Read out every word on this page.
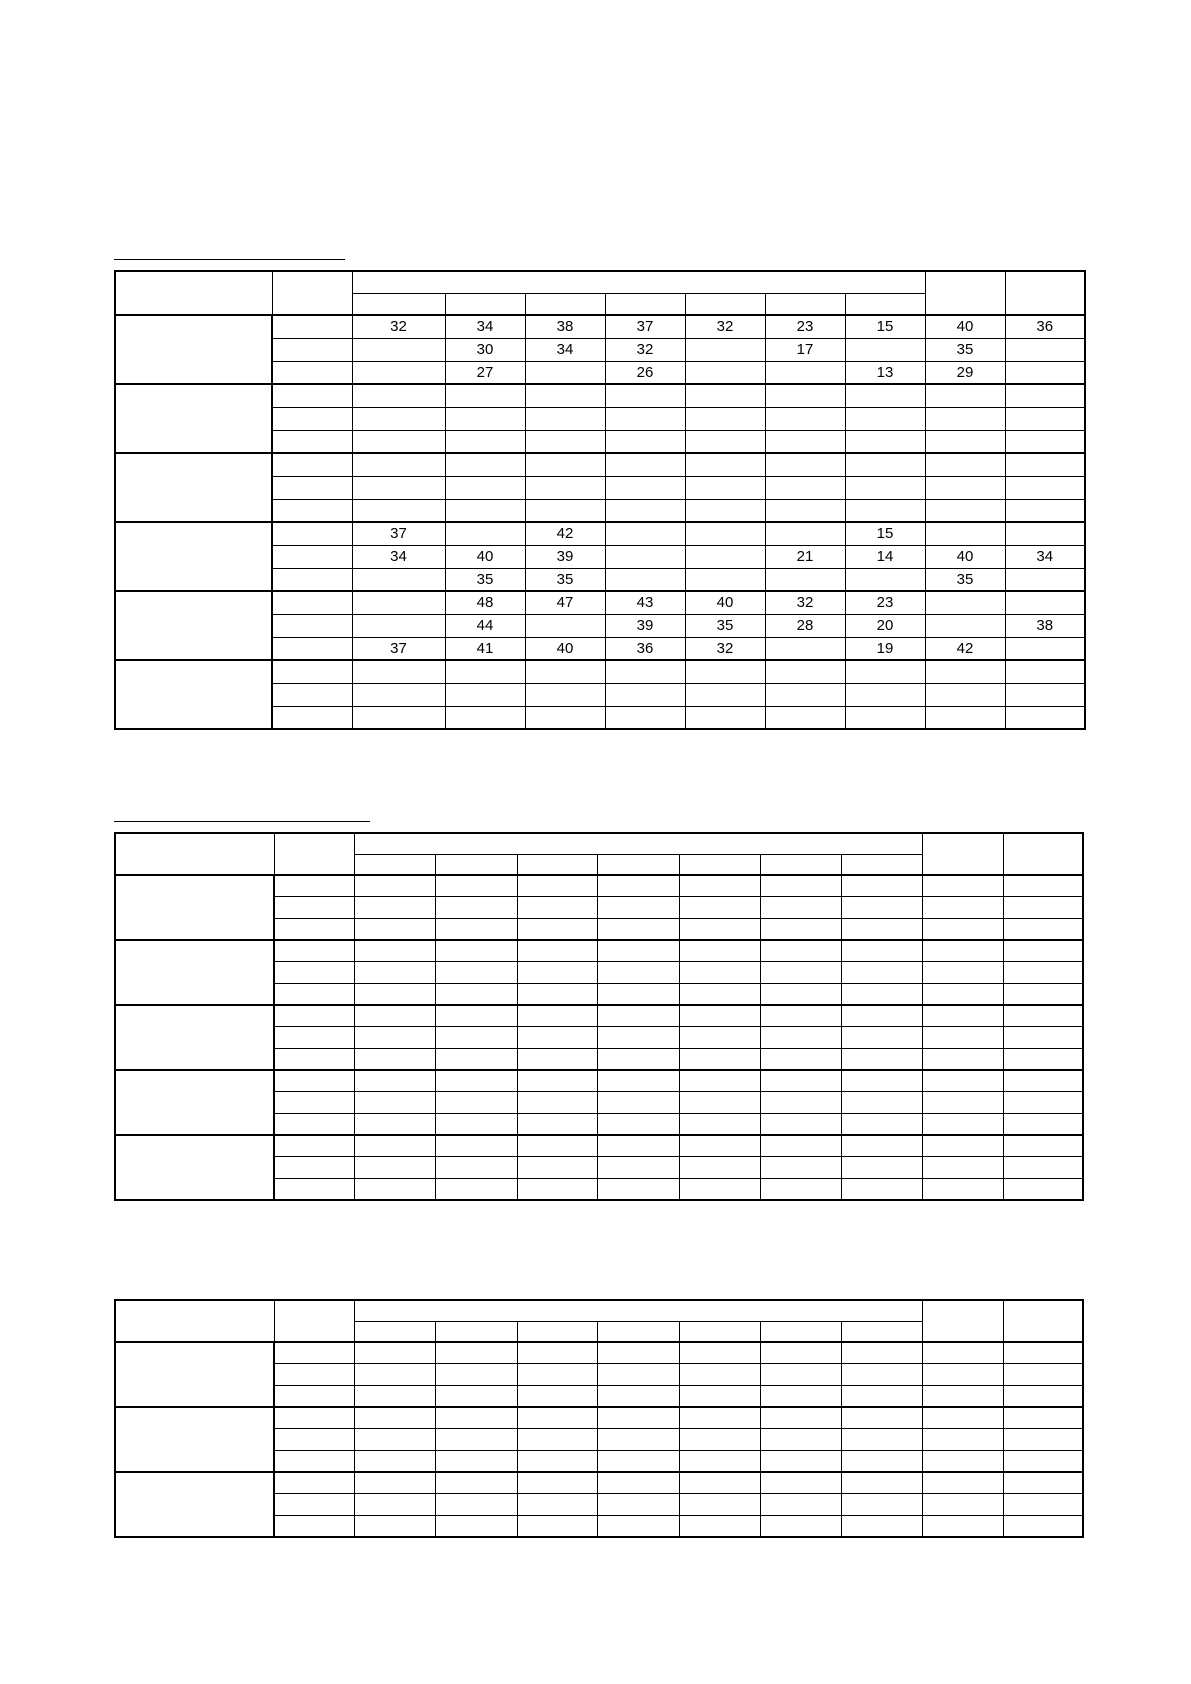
		32	34	38	37	32	23	15	40	36
			30	34	32		17		35	
			27		26			13	29	

		37		42				15		
		34	40	39			21	14	40	34
			35	35					35	
			48	47	43	40	32	23		
			44		39	35	28	20		38
		37	41	40	36	32		19	42	
